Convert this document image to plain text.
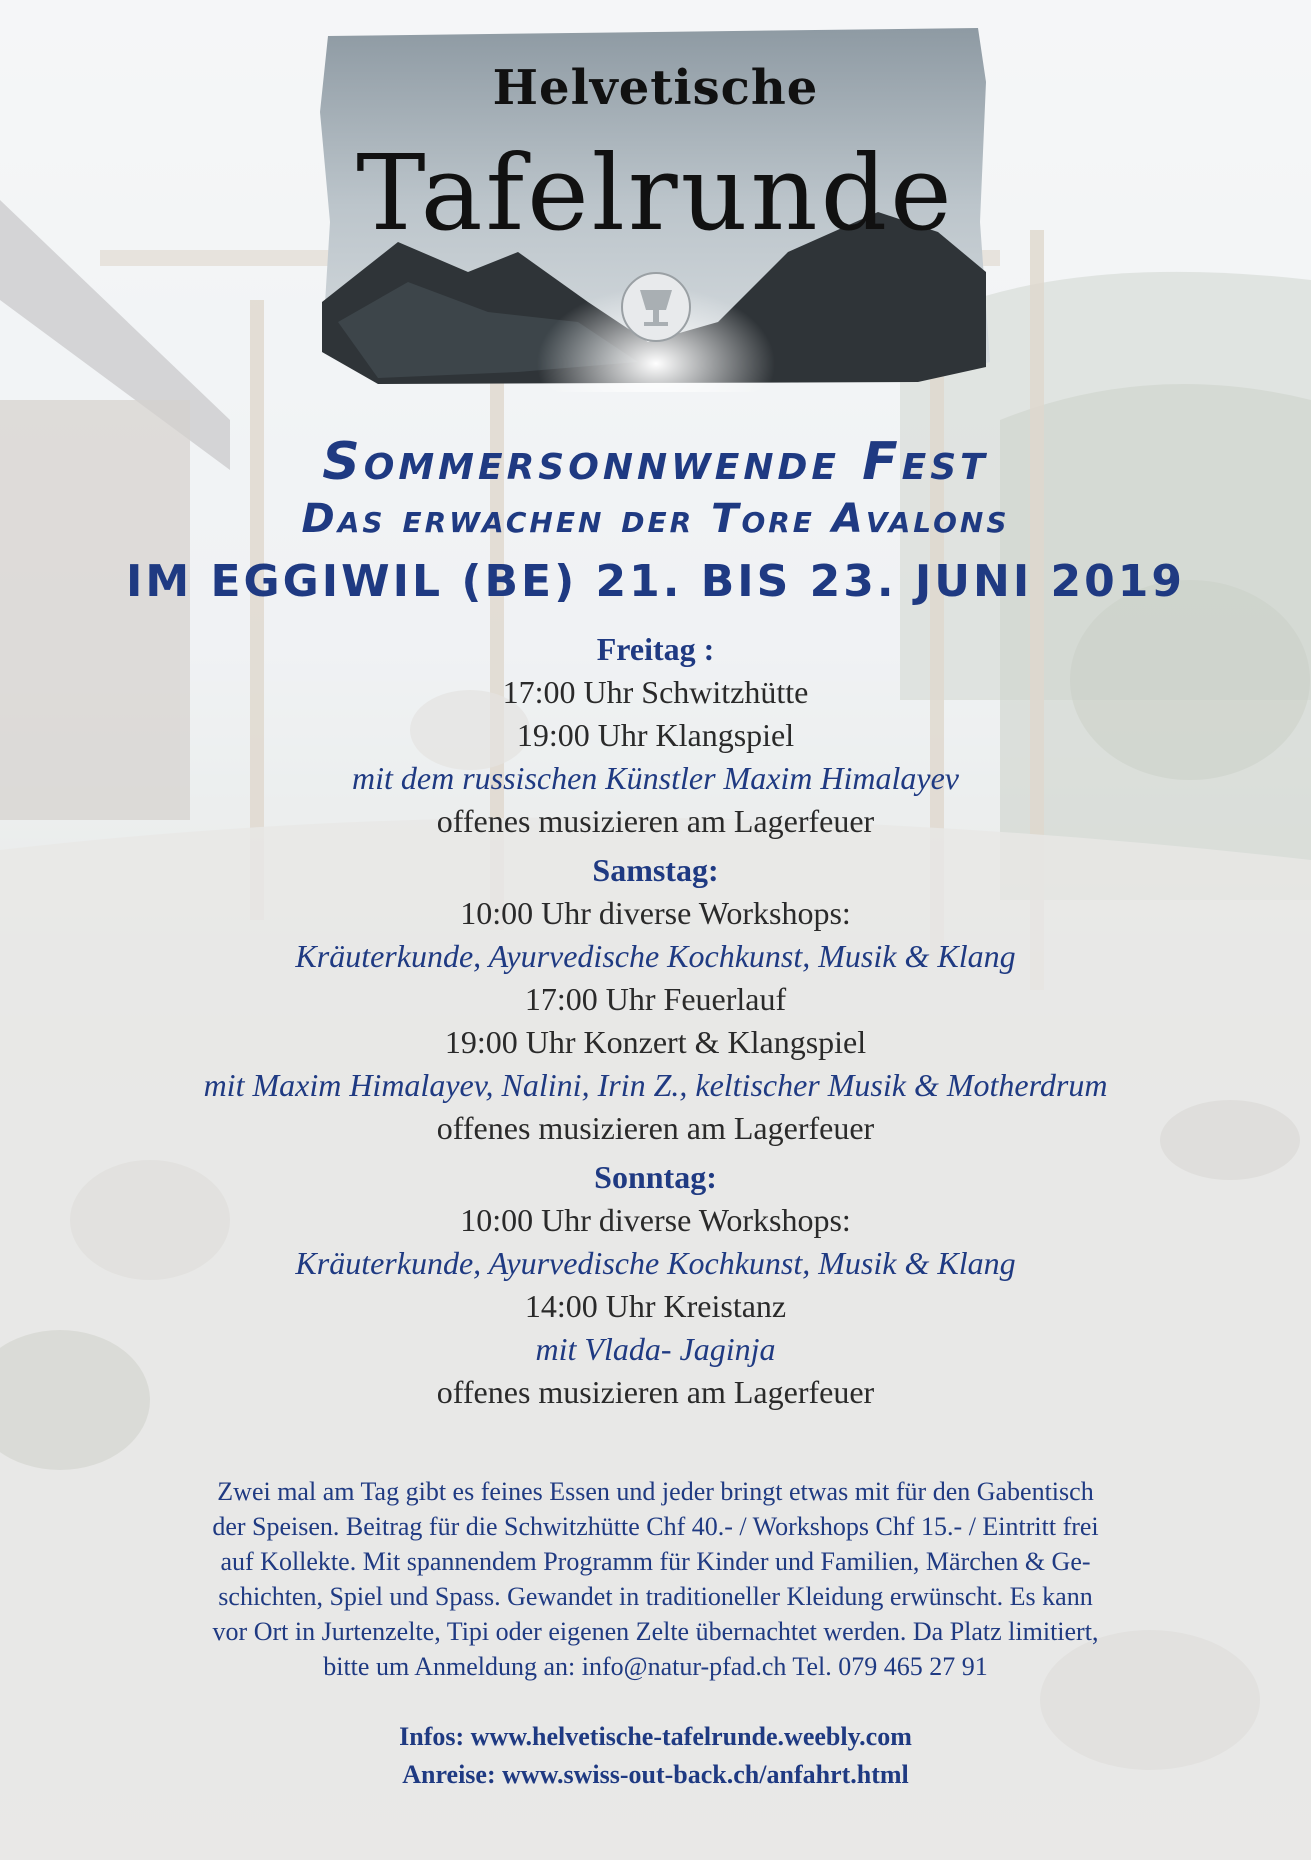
Helvetische
Tafelrunde
Sommersonnwende Fest
Das erwachen der Tore Avalons
IM EGGIWIL (BE) 21. BIS 23. JUNI 2019
Freitag :
17:00 Uhr Schwitzhütte
19:00 Uhr Klangspiel
mit dem russischen Künstler Maxim Himalayev
offenes musizieren am Lagerfeuer
Samstag:
10:00 Uhr diverse Workshops:
Kräuterkunde, Ayurvedische Kochkunst, Musik & Klang
17:00 Uhr Feuerlauf
19:00 Uhr Konzert & Klangspiel
mit Maxim Himalayev, Nalini, Irin Z., keltischer Musik & Motherdrum
offenes musizieren am Lagerfeuer
Sonntag:
10:00 Uhr diverse Workshops:
Kräuterkunde, Ayurvedische Kochkunst, Musik & Klang
14:00 Uhr Kreistanz
mit Vlada- Jaginja
offenes musizieren am Lagerfeuer
Zwei mal am Tag gibt es feines Essen und jeder bringt etwas mit für den Gabentisch
der Speisen. Beitrag für die Schwitzhütte Chf 40.- / Workshops Chf 15.- / Eintritt frei
auf Kollekte. Mit spannendem Programm für Kinder und Familien, Märchen & Ge-
schichten, Spiel und Spass. Gewandet in traditioneller Kleidung erwünscht. Es kann
vor Ort in Jurtenzelte, Tipi oder eigenen Zelte übernachtet werden. Da Platz limitiert,
bitte um Anmeldung an: info@natur-pfad.ch Tel. 079 465 27 91
Infos: www.helvetische-tafelrunde.weebly.com
Anreise: www.swiss-out-back.ch/anfahrt.html
